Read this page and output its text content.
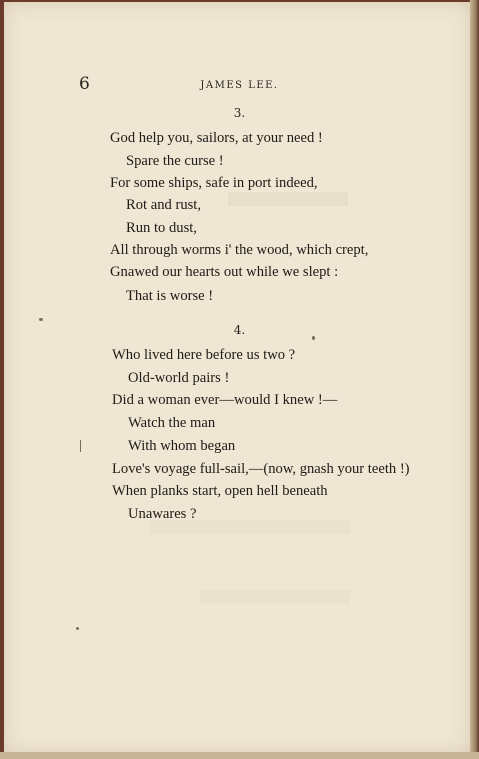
6	JAMES LEE.
3.
God help you, sailors, at your need !
Spare the curse !
For some ships, safe in port indeed,
Rot and rust,
Run to dust,
All through worms i' the wood, which crept,
Gnawed our hearts out while we slept :
That is worse !
4.
Who lived here before us two ?
Old-world pairs !
Did a woman ever—would I knew !—
Watch the man
With whom began
Love's voyage full-sail,—(now, gnash your teeth !)
When planks start, open hell beneath
Unawares ?
